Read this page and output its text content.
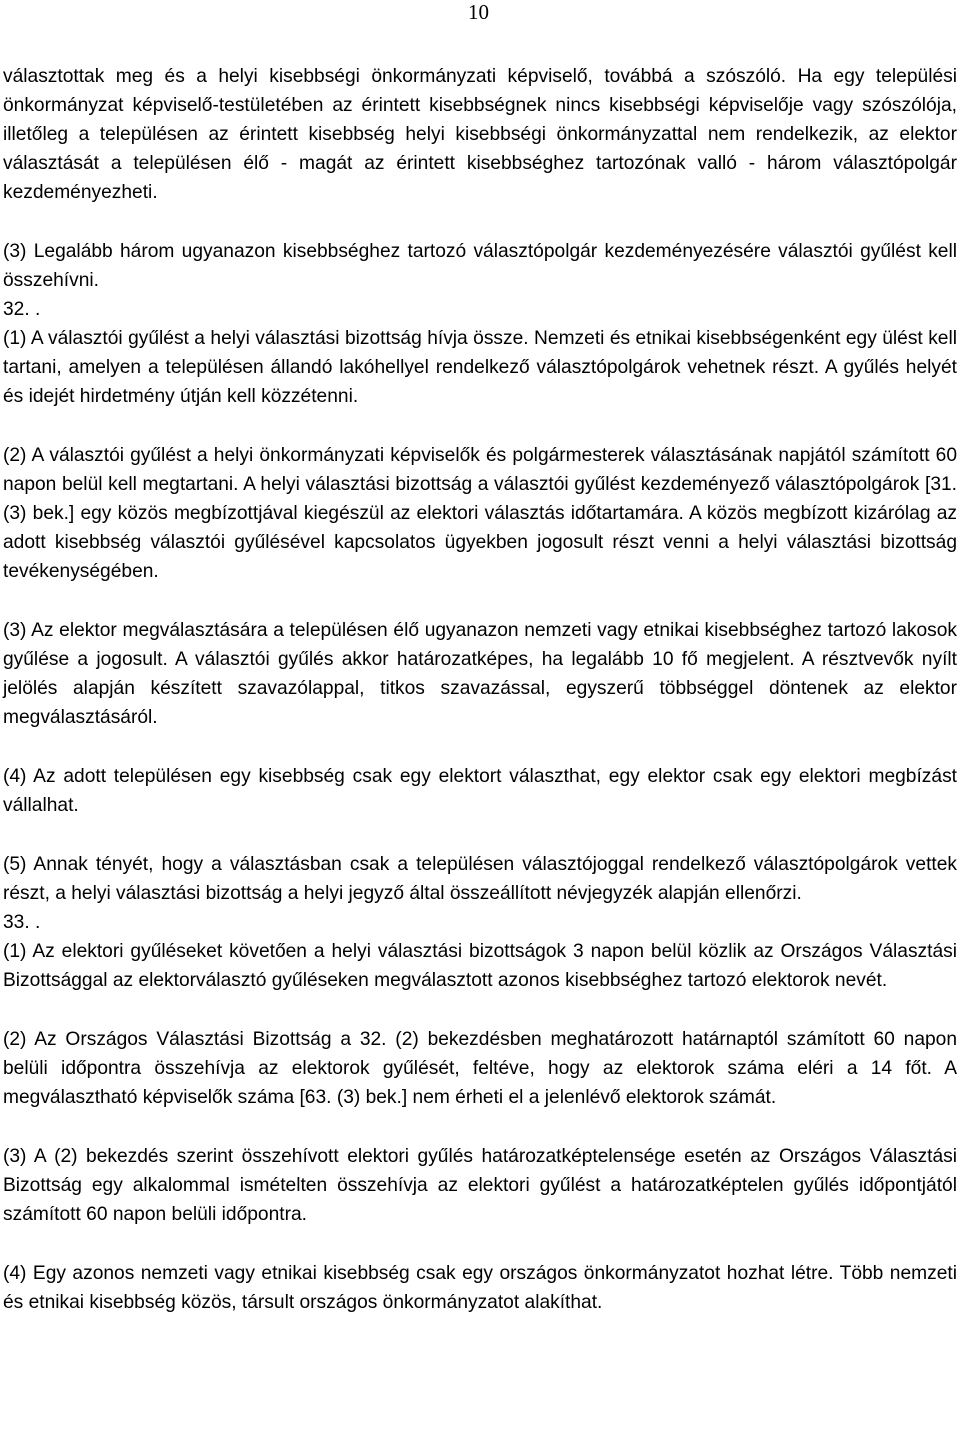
10

választottak meg és a helyi kisebbségi önkormányzati képviselő, továbbá a szószóló. Ha egy települési önkormányzat képviselő-testületében az érintett kisebbségnek nincs kisebbségi képviselője vagy szószólója, illetőleg a településen az érintett kisebbség helyi kisebbségi önkormányzattal nem rendelkezik, az elektor választását a településen élő - magát az érintett kisebbséghez tartozónak valló - három választópolgár kezdeményezheti.

(3) Legalább három ugyanazon kisebbséghez tartozó választópolgár kezdeményezésére választói gyűlést kell összehívni.

32. .

(1) A választói gyűlést a helyi választási bizottság hívja össze. Nemzeti és etnikai kisebbségenként egy ülést kell tartani, amelyen a településen állandó lakóhellyel rendelkező választópolgárok vehetnek részt. A gyűlés helyét és idejét hirdetmény útján kell közzétenni.

(2) A választói gyűlést a helyi önkormányzati képviselők és polgármesterek választásának napjától számított 60 napon belül kell megtartani. A helyi választási bizottság a választói gyűlést kezdeményező választópolgárok [31. (3) bek.] egy közös megbízottjával kiegészül az elektori választás időtartamára. A közös megbízott kizárólag az adott kisebbség választói gyűlésével kapcsolatos ügyekben jogosult részt venni a helyi választási bizottság tevékenységében.

(3) Az elektor megválasztására a településen élő ugyanazon nemzeti vagy etnikai kisebbséghez tartozó lakosok gyűlése a jogosult. A választói gyűlés akkor határozatképes, ha legalább 10 fő megjelent. A résztvevők nyílt jelölés alapján készített szavazólappal, titkos szavazással, egyszerű többséggel döntenek az elektor megválasztásáról.

(4) Az adott településen egy kisebbség csak egy elektort választhat, egy elektor csak egy elektori megbízást vállalhat.

(5) Annak tényét, hogy a választásban csak a településen választójoggal rendelkező választópolgárok vettek részt, a helyi választási bizottság a helyi jegyző által összeállított névjegyzék alapján ellenőrzi.

33. .

(1) Az elektori gyűléseket követően a helyi választási bizottságok 3 napon belül közlik az Országos Választási Bizottsággal az elektorválasztó gyűléseken megválasztott azonos kisebbséghez tartozó elektorok nevét.

(2) Az Országos Választási Bizottság a 32. (2) bekezdésben meghatározott határnaptól számított 60 napon belüli időpontra összehívja az elektorok gyűlését, feltéve, hogy az elektorok száma eléri a 14 főt. A megválasztható képviselők száma [63. (3) bek.] nem érheti el a jelenlévő elektorok számát.

(3) A (2) bekezdés szerint összehívott elektori gyűlés határozatképtelensége esetén az Országos Választási Bizottság egy alkalommal ismételten összehívja az elektori gyűlést a határozatképtelen gyűlés időpontjától számított 60 napon belüli időpontra.

(4) Egy azonos nemzeti vagy etnikai kisebbség csak egy országos önkormányzatot hozhat létre. Több nemzeti és etnikai kisebbség közös, társult országos önkormányzatot alakíthat.
